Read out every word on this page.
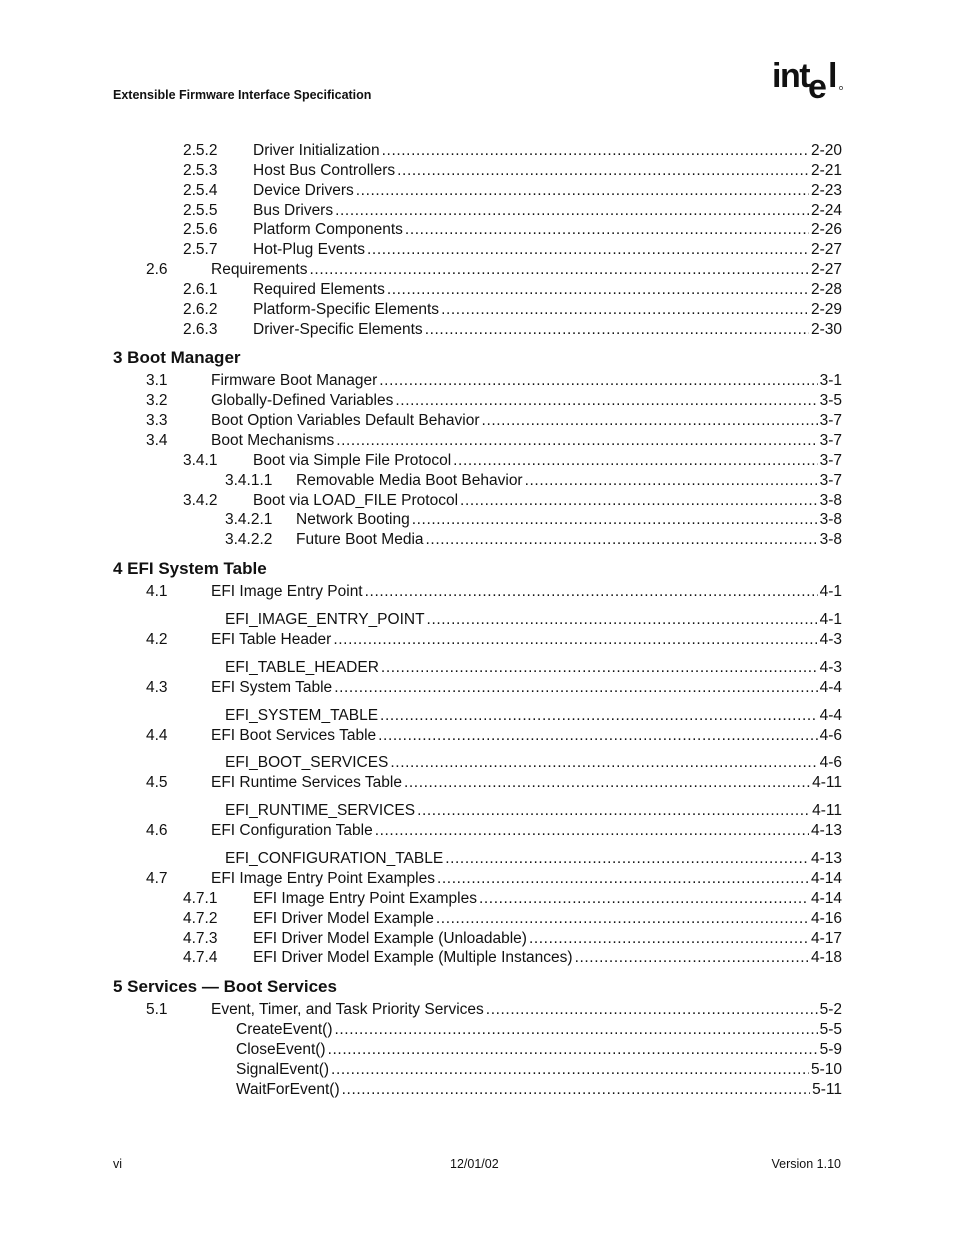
Extensible Firmware Interface Specification	int
e l
2.5.2 Driver Initialization .....	2-20
2.5.3 Host Bus Controllers .....	2-21
2.5.4 Device Drivers .....	2-23
2.5.5 Bus Drivers .....	2-24
2.5.6 Platform Components .....	2-26
2.5.7 Hot-Plug Events .....	2-27
2.6	Requirements .....	2-27
2.6.1 Required Elements .....	2-28
2.6.2 Platform-Specific Elements .....	2-29
2.6.3 Driver-Specific Elements .....	2-30
3 Boot Manager
3.1	Firmware Boot Manager .....	3-1
3.2	Globally-Defined Variables .....	3-5
3.3	Boot Option Variables Default Behavior .....	3-7
3.4	Boot Mechanisms .....	3-7
3.4.1 Boot via Simple File Protocol .....	3-7
3.4.1.1 Removable Media Boot Behavior .....	3-7
3.4.2 Boot via LOAD_FILE Protocol .....	3-8
3.4.2.1 Network Booting .....	3-8
3.4.2.2 Future Boot Media .....	3-8
4 EFI System Table
4.1	EFI Image Entry Point .....	4-1
EFI_IMAGE_ENTRY_POINT .....	4-1
4.2	EFI Table Header .....	4-3
EFI_TABLE_HEADER .....	4-3
4.3	EFI System Table .....	4-4
EFI_SYSTEM_TABLE .....	4-4
4.4	EFI Boot Services Table .....	4-6
EFI_BOOT_SERVICES .....	4-6
4.5	EFI Runtime Services Table .....	4-11
EFI_RUNTIME_SERVICES .....	4-11
4.6	EFI Configuration Table .....	4-13
EFI_CONFIGURATION_TABLE .....	4-13
4.7	EFI Image Entry Point Examples .....	4-14
4.7.1 EFI Image Entry Point Examples .....	4-14
4.7.2 EFI Driver Model Example .....	4-16
4.7.3 EFI Driver Model Example (Unloadable) .....	4-17
4.7.4 EFI Driver Model Example (Multiple Instances) .....	4-18
5 Services — Boot Services
5.1	Event, Timer, and Task Priority Services .....	5-2
CreateEvent() .....	5-5
CloseEvent() .....	5-9
SignalEvent() .....	5-10
WaitForEvent() .....	5-11
vi	12/01/02	Version 1.10
